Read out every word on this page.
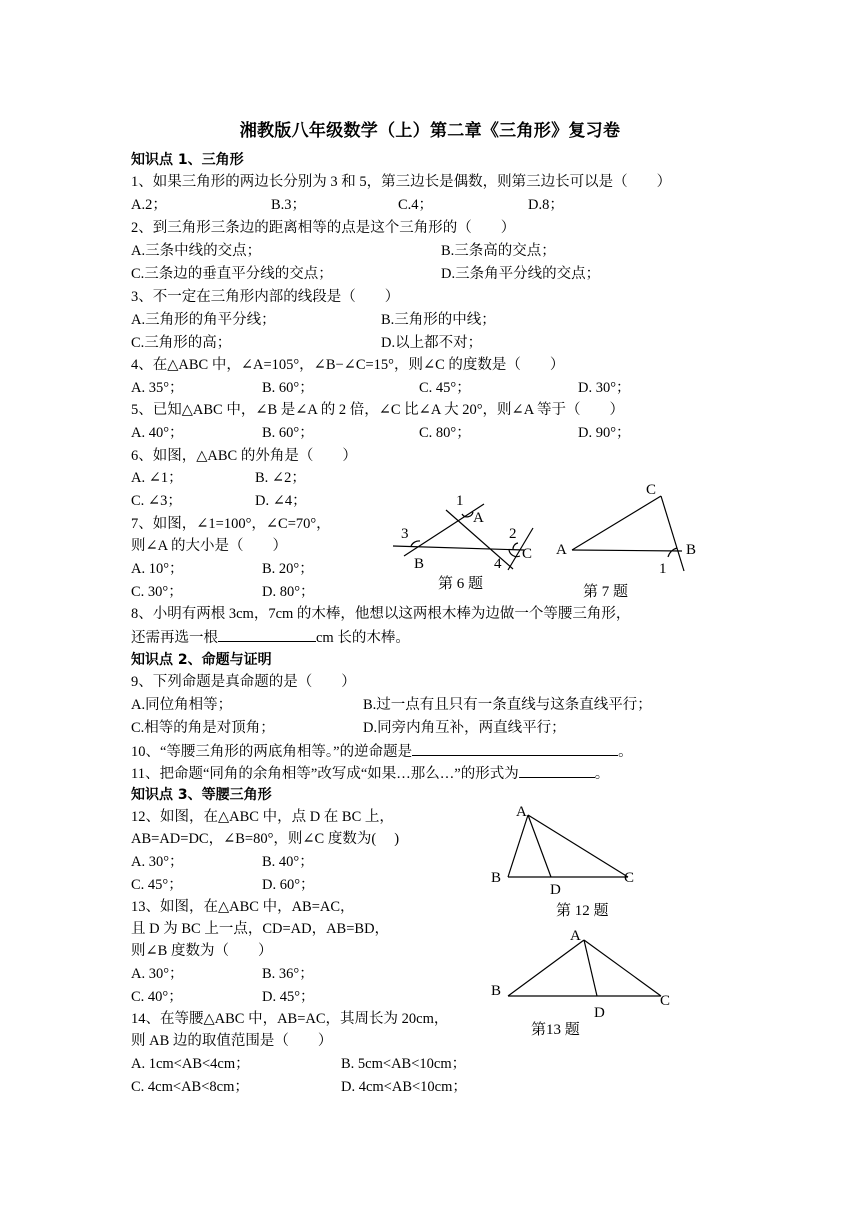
湘教版八年级数学（上）第二章《三角形》复习卷
知识点 1、三角形
1、如果三角形的两边长分别为 3 和 5，第三边长是偶数，则第三边长可以是（　　）
A.2；	B.3；	C.4；	D.8；
2、到三角形三条边的距离相等的点是这个三角形的（　　）
A.三条中线的交点；	B.三条高的交点；
C.三条边的垂直平分线的交点；	D.三条角平分线的交点；
3、不一定在三角形内部的线段是（　　）
A.三角形的角平分线；	B.三角形的中线；
C.三角形的高；	D.以上都不对；
4、在△ABC 中，∠A=105°，∠B−∠C=15°，则∠C 的度数是（　　）
A. 35°；	B. 60°；	C. 45°；	D. 30°；
5、已知△ABC 中，∠B 是∠A 的 2 倍，∠C 比∠A 大 20°，则∠A 等于（　　）
A. 40°；	B. 60°；	C. 80°；	D. 90°；
6、如图，△ABC 的外角是（　　）
A. ∠1；	B. ∠2；
C. ∠3；	D. ∠4；
7、如图，∠1=100°，∠C=70°，
则∠A 的大小是（　　）
A. 10°；	B. 20°；
C. 30°；	D. 80°；
1
A
3	2
B	4
C
第 6 题
C
A	B
1
第 7 题
8、小明有两根 3cm，7cm 的木棒，他想以这两根木棒为边做一个等腰三角形，
还需再选一根	cm 长的木棒。
知识点 2、命题与证明
9、下列命题是真命题的是（　　）
A.同位角相等；	B.过一点有且只有一条直线与这条直线平行；
C.相等的角是对顶角；	D.同旁内角互补，两直线平行；
10、“等腰三角形的两底角相等。”的逆命题是	。
11、把命题“同角的余角相等”改写成“如果…那么…”的形式为	。
知识点 3、等腰三角形
12、如图，在△ABC 中，点 D 在 BC 上，
AB=AD=DC，∠B=80°，则∠C 度数为(　 )
A. 30°；	B. 40°；
C. 45°；	D. 60°；
A
B
D
C
第 12 题
13、如图，在△ABC 中，AB=AC，
且 D 为 BC 上一点，CD=AD，AB=BD，
则∠B 度数为（　　）
A. 30°；	B. 36°；
C. 40°；	D. 45°；
A
B
D
C
第13 题
14、在等腰△ABC 中，AB=AC，其周长为 20cm，
则 AB 边的取值范围是（　　）
A. 1cm<AB<4cm；	B. 5cm<AB<10cm；
C. 4cm<AB<8cm；	D. 4cm<AB<10cm；
